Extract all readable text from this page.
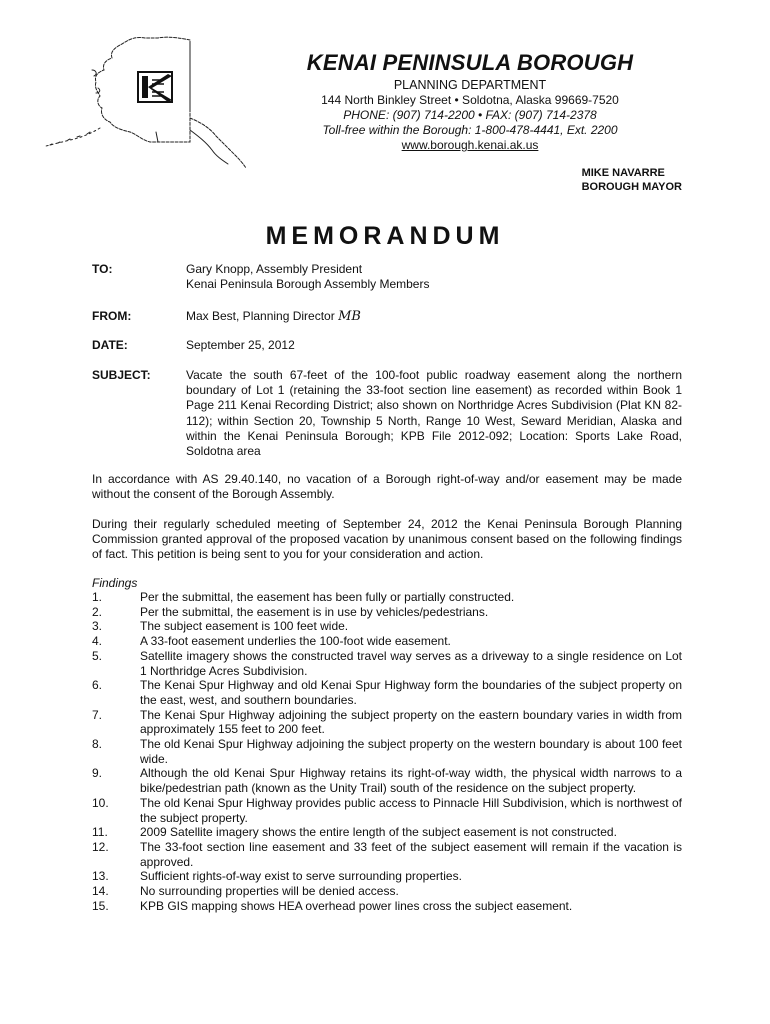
KENAI PENINSULA BOROUGH
PLANNING DEPARTMENT
144 North Binkley Street • Soldotna, Alaska 99669-7520
PHONE: (907) 714-2200 • FAX: (907) 714-2378
Toll-free within the Borough: 1-800-478-4441, Ext. 2200
www.borough.kenai.ak.us
MIKE NAVARRE
BOROUGH MAYOR
MEMORANDUM
TO:	Gary Knopp, Assembly President
Kenai Peninsula Borough Assembly Members
FROM:	Max Best, Planning Director MB
DATE:	September 25, 2012
SUBJECT:	Vacate the south 67-feet of the 100-foot public roadway easement along the northern boundary of Lot 1 (retaining the 33-foot section line easement) as recorded within Book 1 Page 211 Kenai Recording District; also shown on Northridge Acres Subdivision (Plat KN 82-112); within Section 20, Township 5 North, Range 10 West, Seward Meridian, Alaska and within the Kenai Peninsula Borough; KPB File 2012-092; Location: Sports Lake Road, Soldotna area
In accordance with AS 29.40.140, no vacation of a Borough right-of-way and/or easement may be made without the consent of the Borough Assembly.
During their regularly scheduled meeting of September 24, 2012 the Kenai Peninsula Borough Planning Commission granted approval of the proposed vacation by unanimous consent based on the following findings of fact. This petition is being sent to you for your consideration and action.
Findings
1.	Per the submittal, the easement has been fully or partially constructed.
2.	Per the submittal, the easement is in use by vehicles/pedestrians.
3.	The subject easement is 100 feet wide.
4.	A 33-foot easement underlies the 100-foot wide easement.
5.	Satellite imagery shows the constructed travel way serves as a driveway to a single residence on Lot 1 Northridge Acres Subdivision.
6.	The Kenai Spur Highway and old Kenai Spur Highway form the boundaries of the subject property on the east, west, and southern boundaries.
7.	The Kenai Spur Highway adjoining the subject property on the eastern boundary varies in width from approximately 155 feet to 200 feet.
8.	The old Kenai Spur Highway adjoining the subject property on the western boundary is about 100 feet wide.
9.	Although the old Kenai Spur Highway retains its right-of-way width, the physical width narrows to a bike/pedestrian path (known as the Unity Trail) south of the residence on the subject property.
10.	The old Kenai Spur Highway provides public access to Pinnacle Hill Subdivision, which is northwest of the subject property.
11.	2009 Satellite imagery shows the entire length of the subject easement is not constructed.
12.	The 33-foot section line easement and 33 feet of the subject easement will remain if the vacation is approved.
13.	Sufficient rights-of-way exist to serve surrounding properties.
14.	No surrounding properties will be denied access.
15.	KPB GIS mapping shows HEA overhead power lines cross the subject easement.
